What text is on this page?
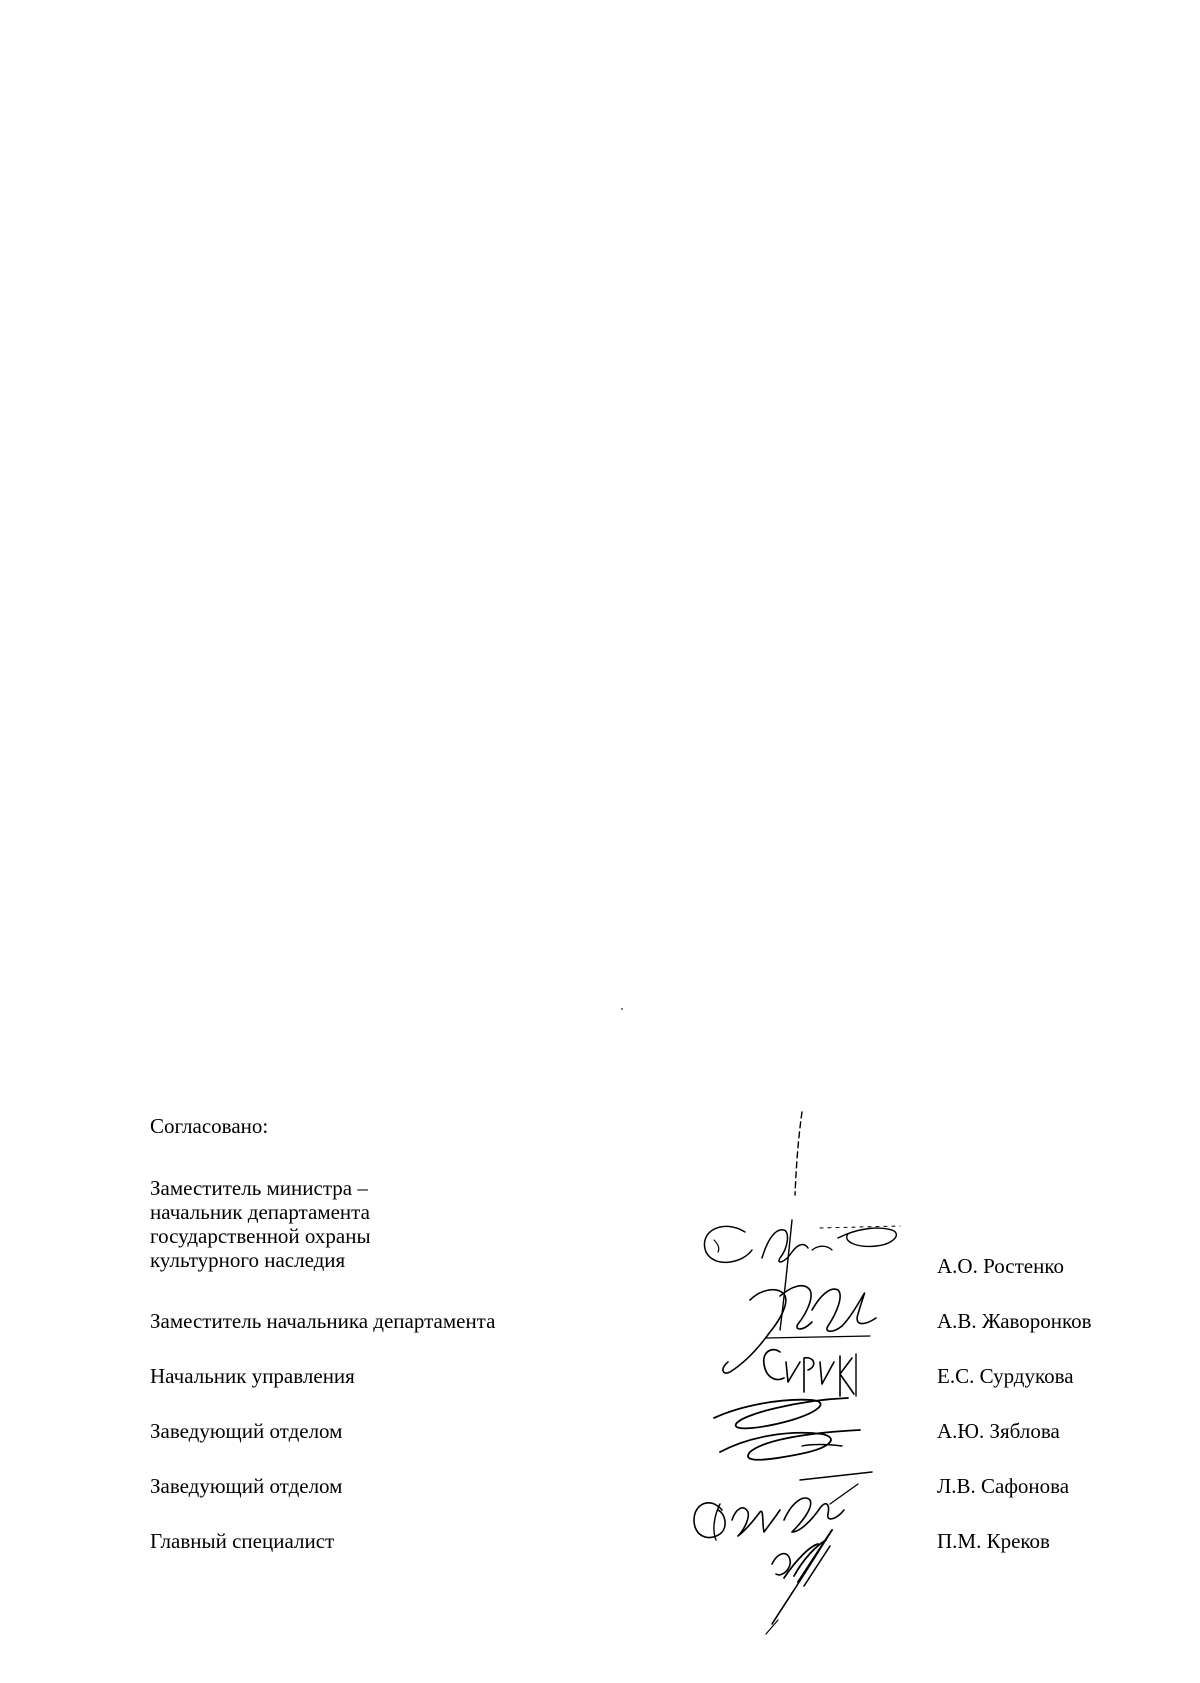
Согласовано:
Заместитель министра –
начальник департамента
государственной охраны
культурного наследия	А.О. Ростенко
Заместитель начальника департамента	А.В. Жаворонков
Начальник управления	Е.С. Сурдукова
Заведующий отделом	А.Ю. Зяблова
Заведующий отделом	Л.В. Сафонова
Главный специалист	П.М. Креков
